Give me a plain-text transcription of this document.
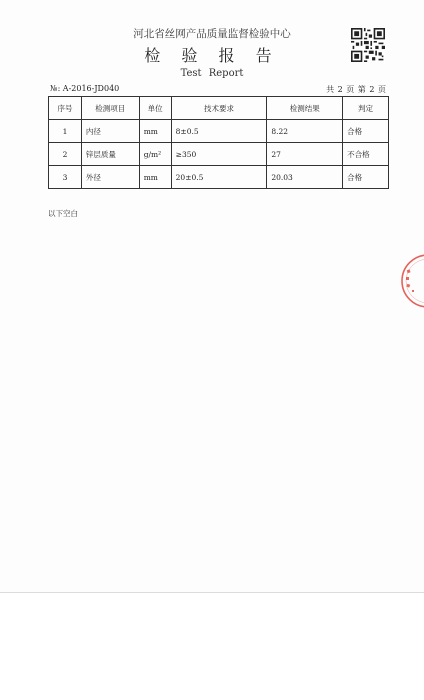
河北省丝网产品质量监督检验中心
检 验 报 告
Test Report
№: A-2016-JD040	共 2 页 第 2 页
序号	检测项目	单位	技术要求	检测结果	判定
1	内径	mm	8±0.5	8.22	合格
2	锌层质量	g/m²	≥350	27	不合格
3	外径	mm	20±0.5	20.03	合格
以下空白
